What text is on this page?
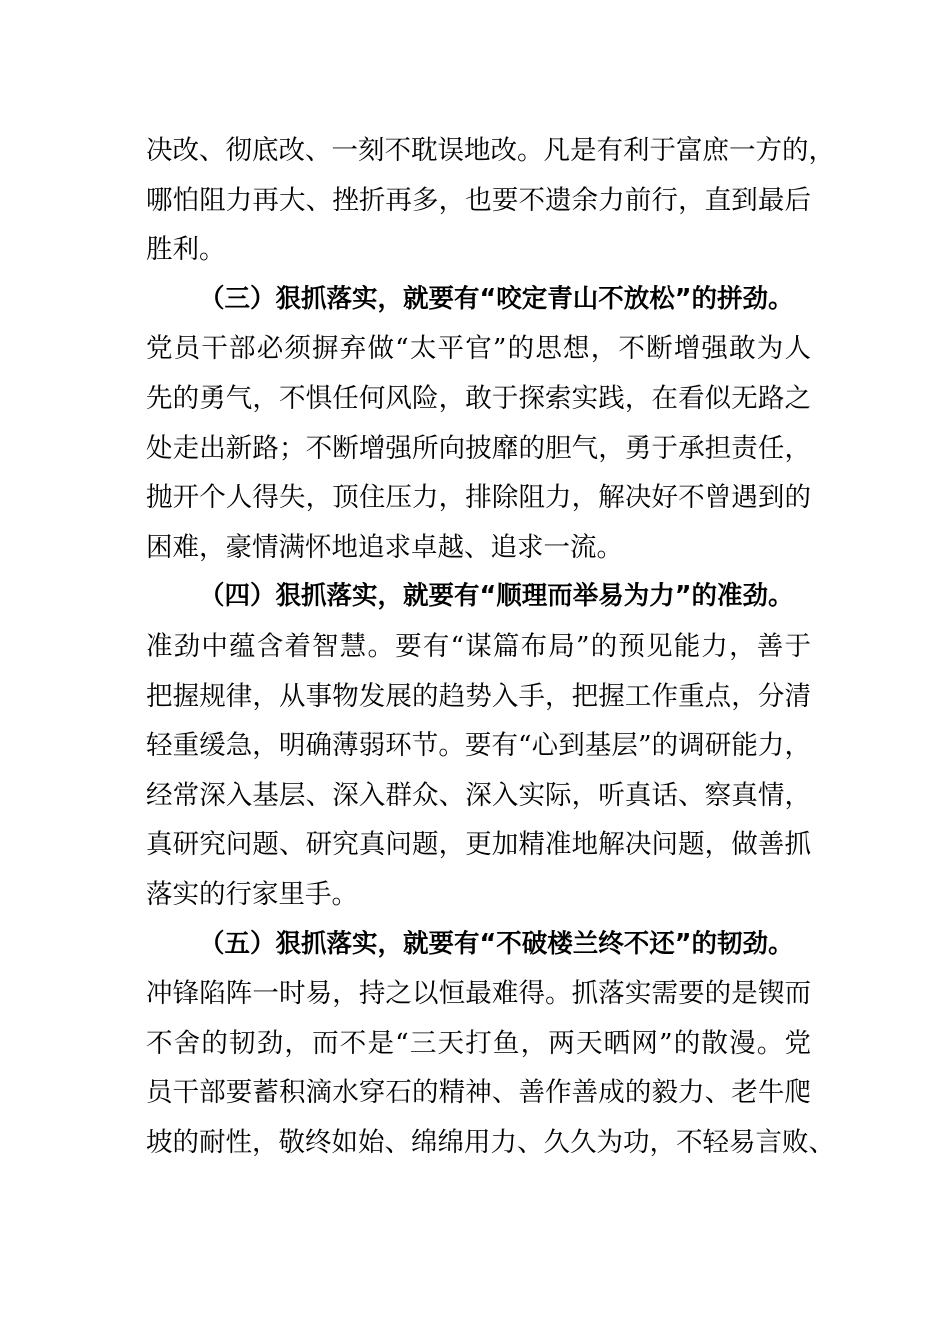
决改、彻底改、一刻不耽误地改。凡是有利于富庶一方的，
哪怕阻力再大、挫折再多，也要不遗余力前行，直到最后
胜利。
（三）狠抓落实，就要有“咬定青山不放松”的拼劲。
党员干部必须摒弃做“太平官”的思想，不断增强敢为人
先的勇气，不惧任何风险，敢于探索实践，在看似无路之
处走出新路；不断增强所向披靡的胆气，勇于承担责任，
抛开个人得失，顶住压力，排除阻力，解决好不曾遇到的
困难，豪情满怀地追求卓越、追求一流。
（四）狠抓落实，就要有“顺理而举易为力”的准劲。
准劲中蕴含着智慧。要有“谋篇布局”的预见能力，善于
把握规律，从事物发展的趋势入手，把握工作重点，分清
轻重缓急，明确薄弱环节。要有“心到基层”的调研能力，
经常深入基层、深入群众、深入实际，听真话、察真情，
真研究问题、研究真问题，更加精准地解决问题，做善抓
落实的行家里手。
（五）狠抓落实，就要有“不破楼兰终不还”的韧劲。
冲锋陷阵一时易，持之以恒最难得。抓落实需要的是锲而
不舍的韧劲，而不是“三天打鱼，两天晒网”的散漫。党
员干部要蓄积滴水穿石的精神、善作善成的毅力、老牛爬
坡的耐性，敬终如始、绵绵用力、久久为功，不轻易言败、
